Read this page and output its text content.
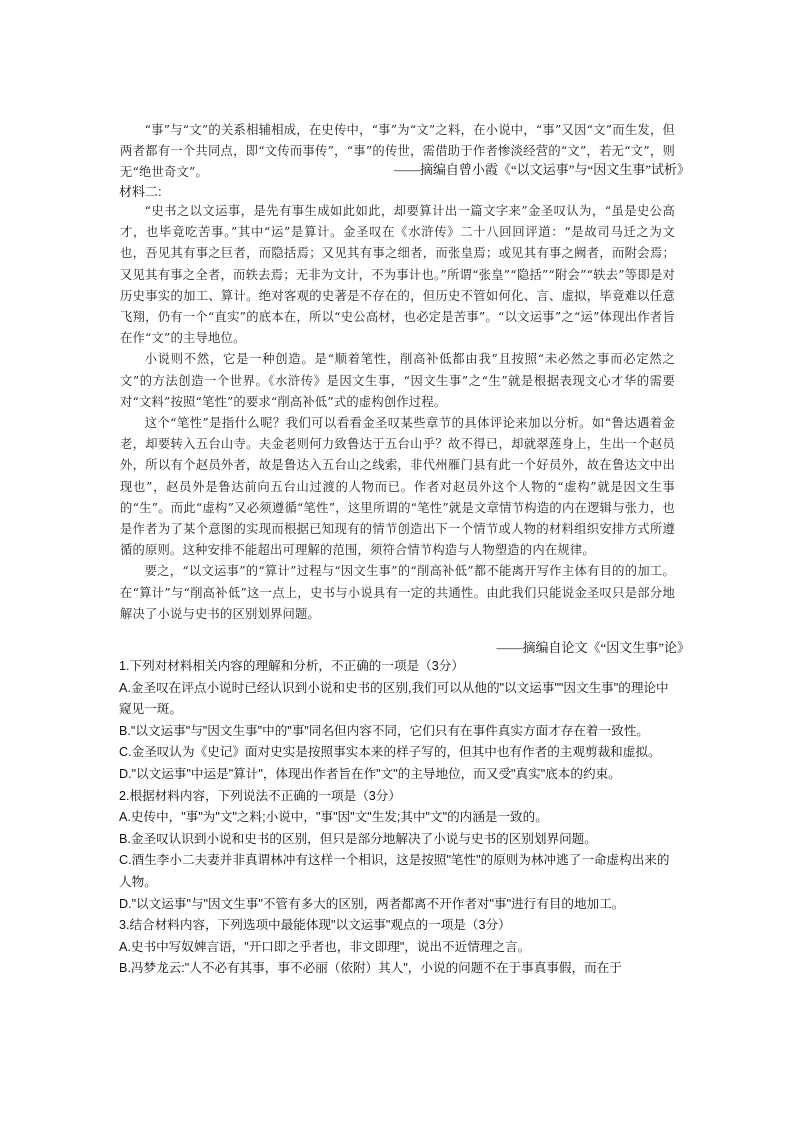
“事”与“文”的关系相辅相成，在史传中，“事”为“文”之料，在小说中，“事”又因“文”而生发，但两者都有一个共同点，即“文传而事传”，“事”的传世，需借助于作者惨淡经营的“文”，若无“文”，则无“绝世奇文”。	——摘编自曾小霞《“以文运事”与“因文生事”试析》
材料二:

“史书之以文运事，是先有事生成如此如此，却要算计出一篇文字来”金圣叹认为，“虽是史公高才，也毕竟吃苦事。”其中“运”是算计。金圣叹在《水浒传》二十八回回评道：“是故司马迁之为文也，吾见其有事之巨者，而隐括焉；又见其有事之细者，而张皇焉；或见其有事之阙者，而附会焉；又见其有事之全者，而轶去焉；无非为文计，不为事计也。”所谓“张皇”“隐括”“附会”“轶去”等即是对历史事实的加工、算计。绝对客观的史著是不存在的，但历史不管如何化、言、虚拟，毕竟难以任意飞翔，仍有一个“直实”的底本在，所以“史公高材，也必定是苦事”。“以文运事”之“运”体现出作者旨在作“文”的主导地位。

小说则不然，它是一种创造。是“顺着笔性，削高补低都由我”且按照“未必然之事而必定然之文”的方法创造一个世界。《水浒传》是因文生事，“因文生事”之“生”就是根据表现文心才华的需要对“文料”按照“笔性”的要求“削高补低”式的虚构创作过程。

这个“笔性”是指什么呢？我们可以看看金圣叹某些章节的具体评论来加以分析。如“鲁达遇着金老，却要转入五台山寺。夫金老则何力致鲁达于五台山乎？故不得已，却就翠莲身上，生出一个赵员外，所以有个赵员外者，故是鲁达入五台山之线索，非代州雁门县有此一个好员外，故在鲁达文中出现也”，赵员外是鲁达前向五台山过渡的人物而已。作者对赵员外这个人物的“虚构”就是因文生事的“生”。而此“虚构”又必须遵循“笔性”，这里所谓的“笔性”就是文章情节构造的内在逻辑与张力，也是作者为了某个意图的实现而根据已知现有的情节创造出下一个情节或人物的材料组织安排方式所遵循的原则。这种安排不能超出可理解的范围，须符合情节构造与人物塑造的内在规律。

要之，“以文运事”的“算计”过程与“因文生事”的“削高补低”都不能离开写作主体有目的的加工。在“算计”与“削高补低”这一点上，史书与小说具有一定的共通性。由此我们只能说金圣叹只是部分地解决了小说与史书的区别划界问题。

——摘编自论文《“因文生事”论》
1.下列对材料相关内容的理解和分析，不正确的一项是（3分）
A.金圣叹在评点小说时已经认识到小说和史书的区别,我们可以从他的"以文运事""因文生事"的理论中窥见一斑。
B."以文运事"与"因文生事"中的"事"同名但内容不同，它们只有在事件真实方面才存在着一致性。
C.金圣叹认为《史记》面对史实是按照事实本来的样子写的，但其中也有作者的主观剪裁和虚拟。
D."以文运事"中运是"算计"，体现出作者旨在作"文"的主导地位，而又受"真实"底本的约束。
2.根据材料内容，下列说法不正确的一项是（3分）
A.史传中，"事"为"文"之料;小说中，"事"因"文"生发;其中"文"的内涵是一致的。
B.金圣叹认识到小说和史书的区别，但只是部分地解决了小说与史书的区别划界问题。
C.酒生李小二夫妻并非真谓林冲有这样一个相识，这是按照"笔性"的原则为林冲逃了一命虚构出来的人物。
D."以文运事"与"因文生事"不管有多大的区别，两者都离不开作者对"事"进行有目的地加工。
3.结合材料内容，下列选项中最能体现"以文运事"观点的一项是（3分）
A.史书中写奴婢言语，"开口即之乎者也，非文即理"，说出不近情理之言。
B.冯梦龙云:"人不必有其事，事不必丽（依附）其人"，小说的问题不在于事真事假，而在于
